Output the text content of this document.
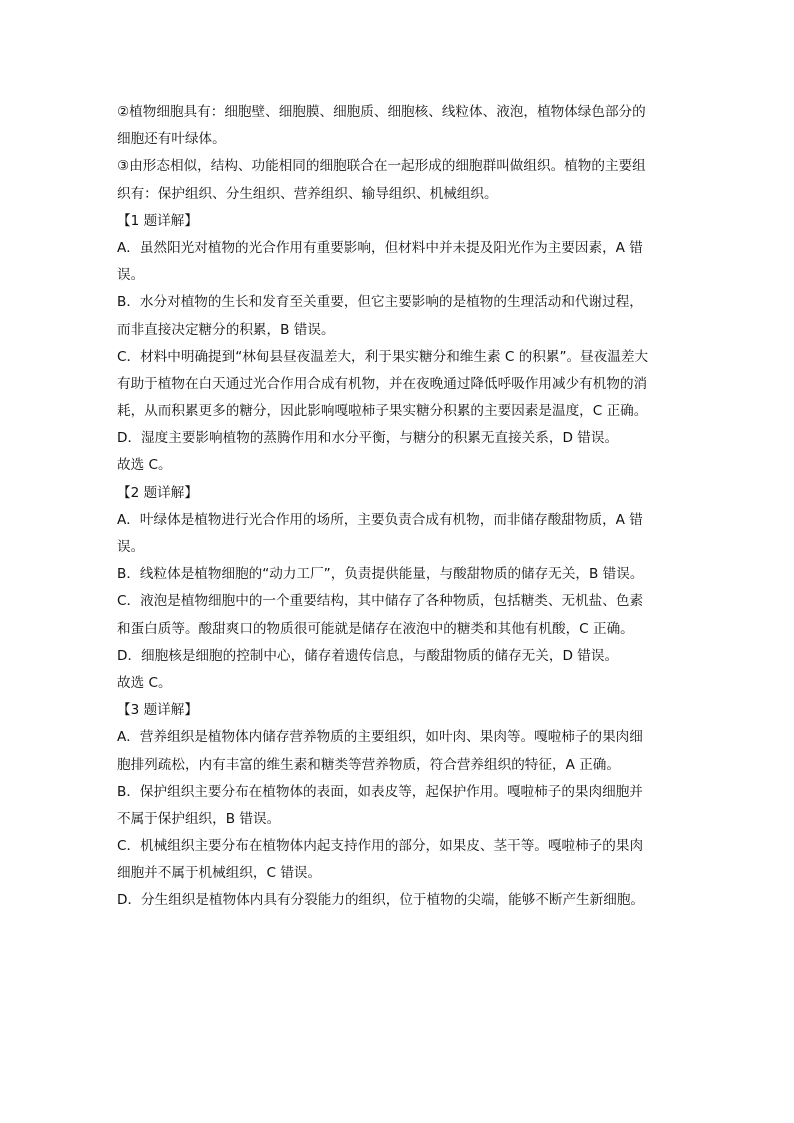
②植物细胞具有：细胞壁、细胞膜、细胞质、细胞核、线粒体、液泡，植物体绿色部分的
细胞还有叶绿体。
③由形态相似，结构、功能相同的细胞联合在一起形成的细胞群叫做组织。植物的主要组
织有：保护组织、分生组织、营养组织、输导组织、机械组织。
【1 题详解】
A．虽然阳光对植物的光合作用有重要影响，但材料中并未提及阳光作为主要因素，A 错
误。
B．水分对植物的生长和发育至关重要，但它主要影响的是植物的生理活动和代谢过程，
而非直接决定糖分的积累，B 错误。
C．材料中明确提到“林甸县昼夜温差大，利于果实糖分和维生素 C 的积累”。昼夜温差大
有助于植物在白天通过光合作用合成有机物，并在夜晚通过降低呼吸作用减少有机物的消
耗，从而积累更多的糖分，因此影响嘎啦柿子果实糖分积累的主要因素是温度，C 正确。
D．湿度主要影响植物的蒸腾作用和水分平衡，与糖分的积累无直接关系，D 错误。
故选 C。
【2 题详解】
A．叶绿体是植物进行光合作用的场所，主要负责合成有机物，而非储存酸甜物质，A 错
误。
B．线粒体是植物细胞的“动力工厂”，负责提供能量，与酸甜物质的储存无关，B 错误。
C．液泡是植物细胞中的一个重要结构，其中储存了各种物质，包括糖类、无机盐、色素
和蛋白质等。酸甜爽口的物质很可能就是储存在液泡中的糖类和其他有机酸，C 正确。
D．细胞核是细胞的控制中心，储存着遗传信息，与酸甜物质的储存无关，D 错误。
故选 C。
【3 题详解】
A．营养组织是植物体内储存营养物质的主要组织，如叶肉、果肉等。嘎啦柿子的果肉细
胞排列疏松，内有丰富的维生素和糖类等营养物质，符合营养组织的特征，A 正确。
B．保护组织主要分布在植物体的表面，如表皮等，起保护作用。嘎啦柿子的果肉细胞并
不属于保护组织，B 错误。
C．机械组织主要分布在植物体内起支持作用的部分，如果皮、茎干等。嘎啦柿子的果肉
细胞并不属于机械组织，C 错误。
D．分生组织是植物体内具有分裂能力的组织，位于植物的尖端，能够不断产生新细胞。
